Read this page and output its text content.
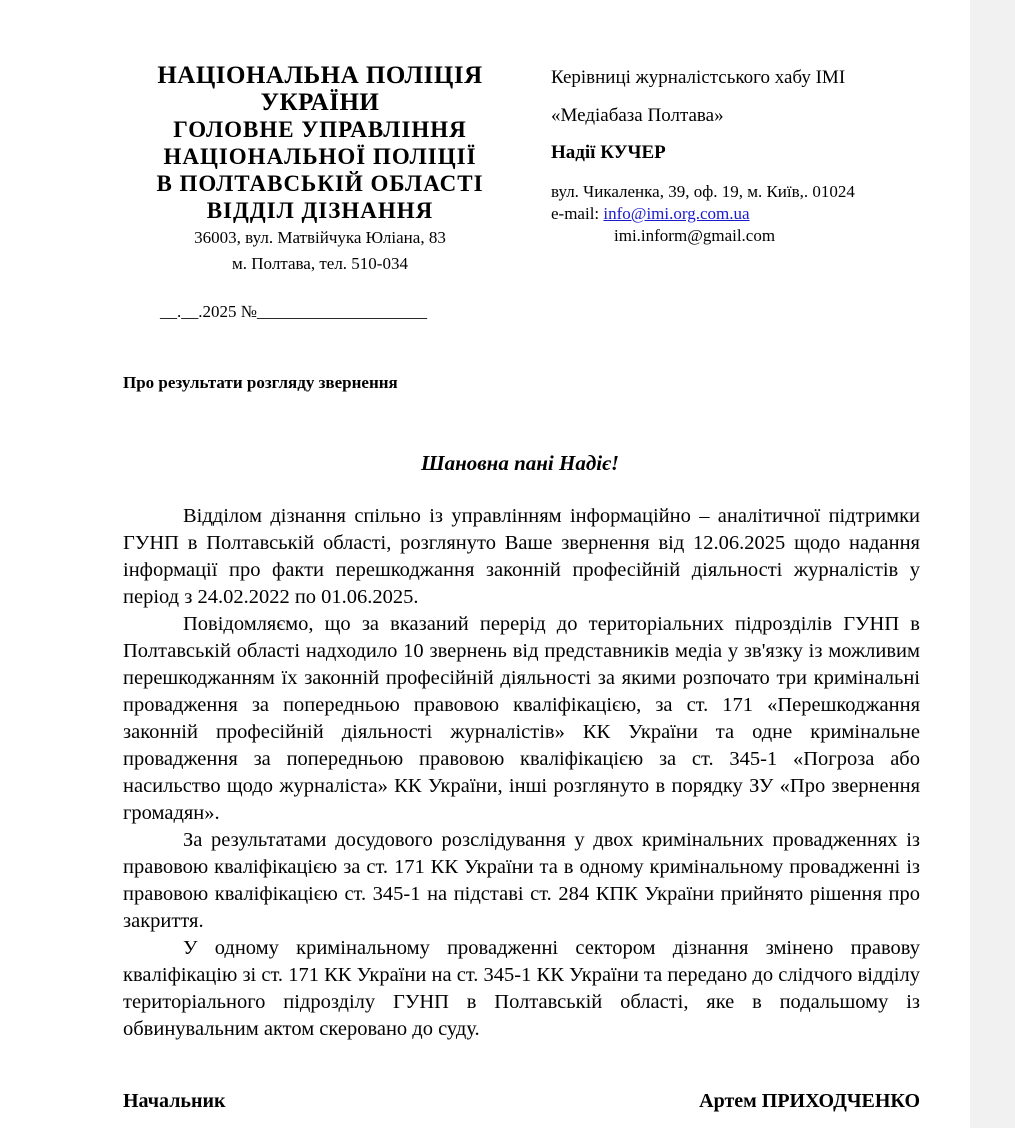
НАЦІОНАЛЬНА ПОЛІЦІЯ
УКРАЇНИ
ГОЛОВНЕ УПРАВЛІННЯ
НАЦІОНАЛЬНОЇ ПОЛІЦІЇ
В ПОЛТАВСЬКІЙ ОБЛАСТІ
ВІДДІЛ ДІЗНАННЯ
36003, вул. Матвійчука Юліана, 83
м. Полтава, тел. 510-034
__.__.2025 №____________________
Керівниці журналістського хабу ІМІ
«Медіабаза Полтава»
Надії КУЧЕР
вул. Чикаленка, 39, оф. 19, м. Київ,. 01024
e-mail: info@imi.org.com.ua
imi.inform@gmail.com
Про результати розгляду звернення
Шановна пані Надіє!

Відділом дізнання спільно із управлінням інформаційно – аналітичної підтримки ГУНП в Полтавській області, розглянуто Ваше звернення від 12.06.2025 щодо надання інформації про факти перешкоджання законній професійній діяльності журналістів у період з 24.02.2022 по 01.06.2025.

Повідомляємо, що за вказаний перерід до територіальних підрозділів ГУНП в Полтавській області надходило 10 звернень від представників медіа у зв'язку із можливим перешкоджанням їх законній професійній діяльності за якими розпочато три кримінальні провадження за попередньою правовою кваліфікацією, за ст. 171 «Перешкоджання законній професійній діяльності журналістів» КК України та одне кримінальне провадження за попередньою правовою кваліфікацією за ст. 345-1 «Погроза або насильство щодо журналіста» КК України, інші розглянуто в порядку ЗУ «Про звернення громадян».

За результатами досудового розслідування у двох кримінальних провадженнях із правовою кваліфікацією за ст. 171 КК України та в одному кримінальному провадженні із правовою кваліфікацією ст. 345-1 на підставі ст. 284 КПК України прийнято рішення про закриття.

У одному кримінальному провадженні сектором дізнання змінено правову кваліфікацію зі ст. 171 КК України на ст. 345-1 КК України та передано до слідчого відділу територіального підрозділу ГУНП в Полтавській області, яке в подальшому із обвинувальним актом скеровано до суду.

Начальник	Артем ПРИХОДЧЕНКО
